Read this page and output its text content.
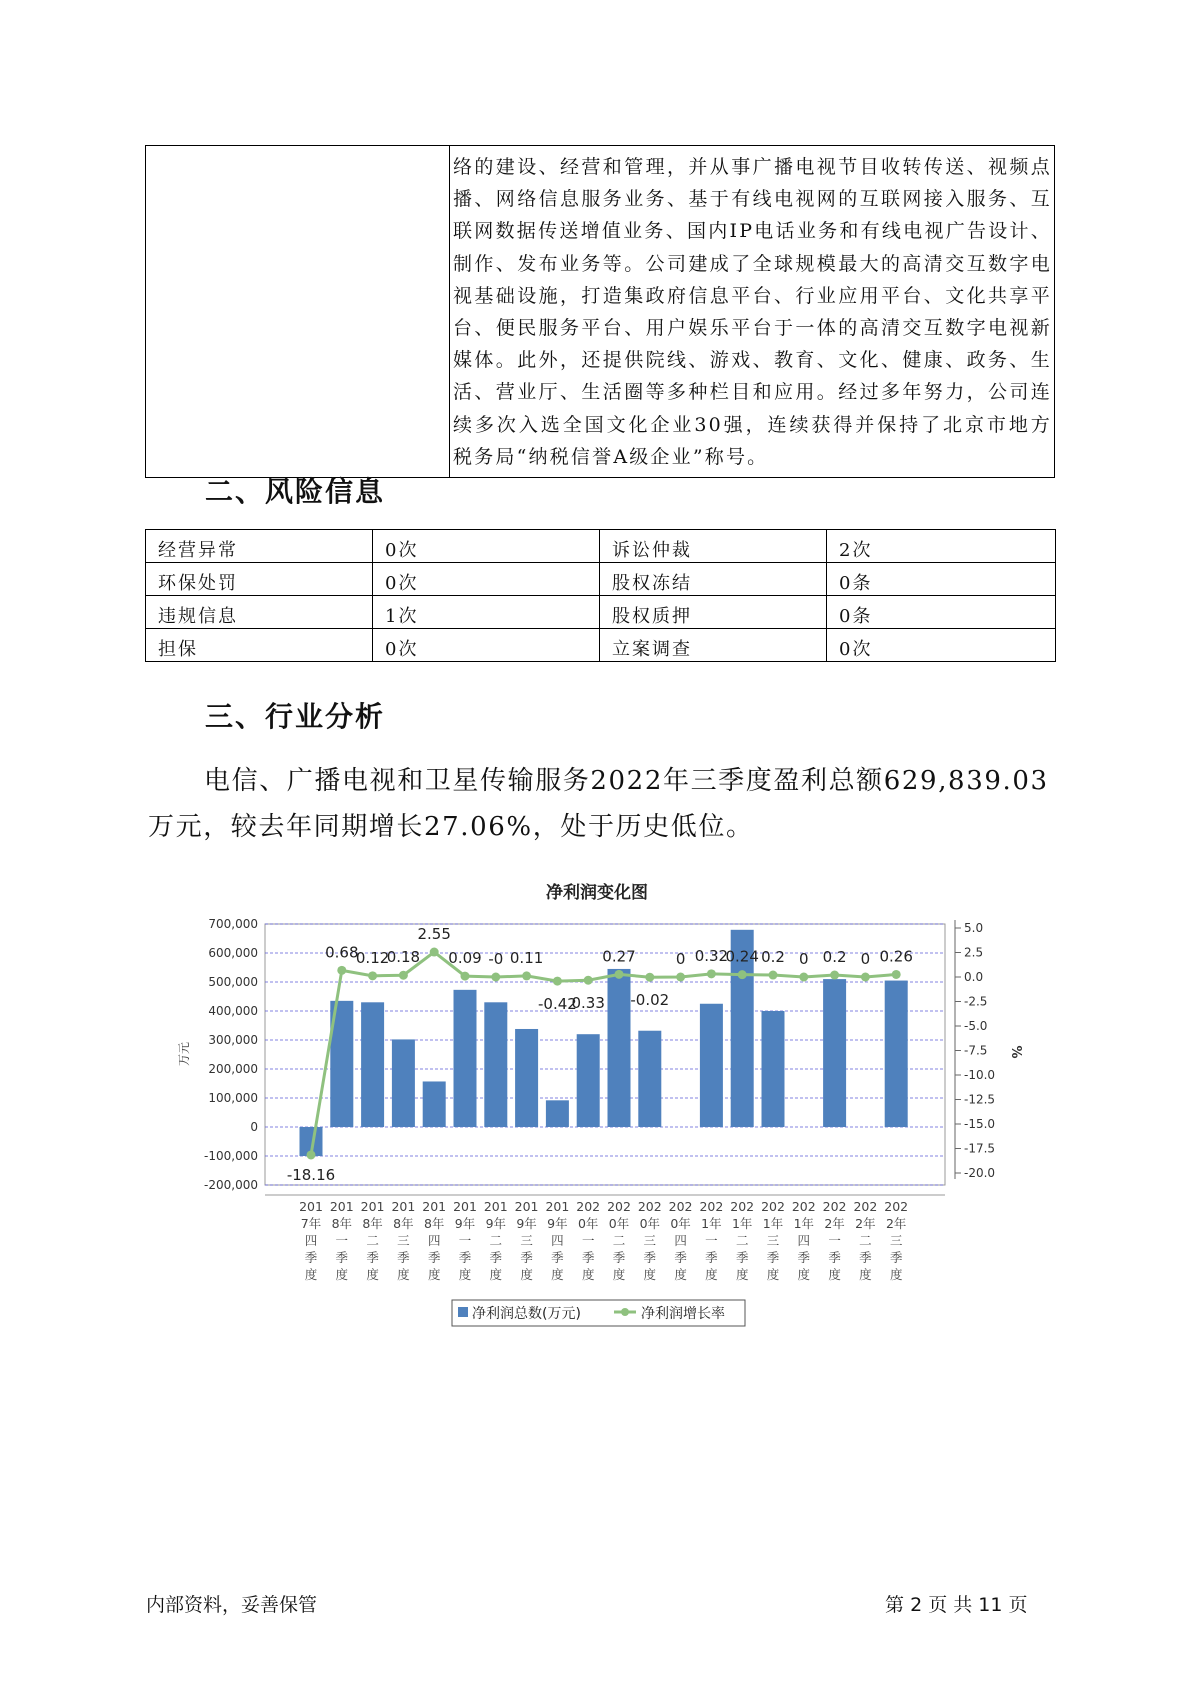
络的建设、经营和管理，并从事广播电视节目收转传送、视频点播、网络信息服务业务、基于有线电视网的互联网接入服务、互联网数据传送增值业务、国内IP电话业务和有线电视广告设计、制作、发布业务等。公司建成了全球规模最大的高清交互数字电视基础设施，打造集政府信息平台、行业应用平台、文化共享平台、便民服务平台、用户娱乐平台于一体的高清交互数字电视新媒体。此外，还提供院线、游戏、教育、文化、健康、政务、生活、营业厅、生活圈等多种栏目和应用。经过多年努力，公司连续多次入选全国文化企业30强，连续获得并保持了北京市地方税务局“纳税信誉A级企业”称号。
二、风险信息
经营异常	0次	诉讼仲裁	2次
环保处罚	0次	股权冻结	0条
违规信息	1次	股权质押	0条
担保	0次	立案调查	0次
三、行业分析

电信、广播电视和卫星传输服务2022年三季度盈利总额629,839.03万元，较去年同期增长27.06%，处于历史低位。

净利润变化图
700,000
600,000
500,000
400,000
300,000
200,000
100,000
0
-100,000
-200,000
万元
5.0
2.5
0.0
-2.5
-5.0
-7.5
-10.0
-12.5
-15.0
-17.5
-20.0
%
-18.16
0.68
0.12
0.18
2.55
0.09 -0 0.11
-0.42
0.33
0.27
-0.02
0 0.32
0.24 0.2 0 0.2 0 0.26
201 7年四季度
201 8年一季度
201 8年二季度
201 8年三季度
201 8年四季度
201 9年一季度
201 9年二季度
201 9年三季度
201 9年四季度
202 0年一季度
202 0年二季度
202 0年三季度
202 0年四季度
202 1年一季度
202 1年二季度
202 1年三季度
202 1年四季度
202 2年一季度
202 2年二季度
202 2年三季度
净利润总数(万元)	净利润增长率
内部资料，妥善保管	第 2 页 共 11 页
